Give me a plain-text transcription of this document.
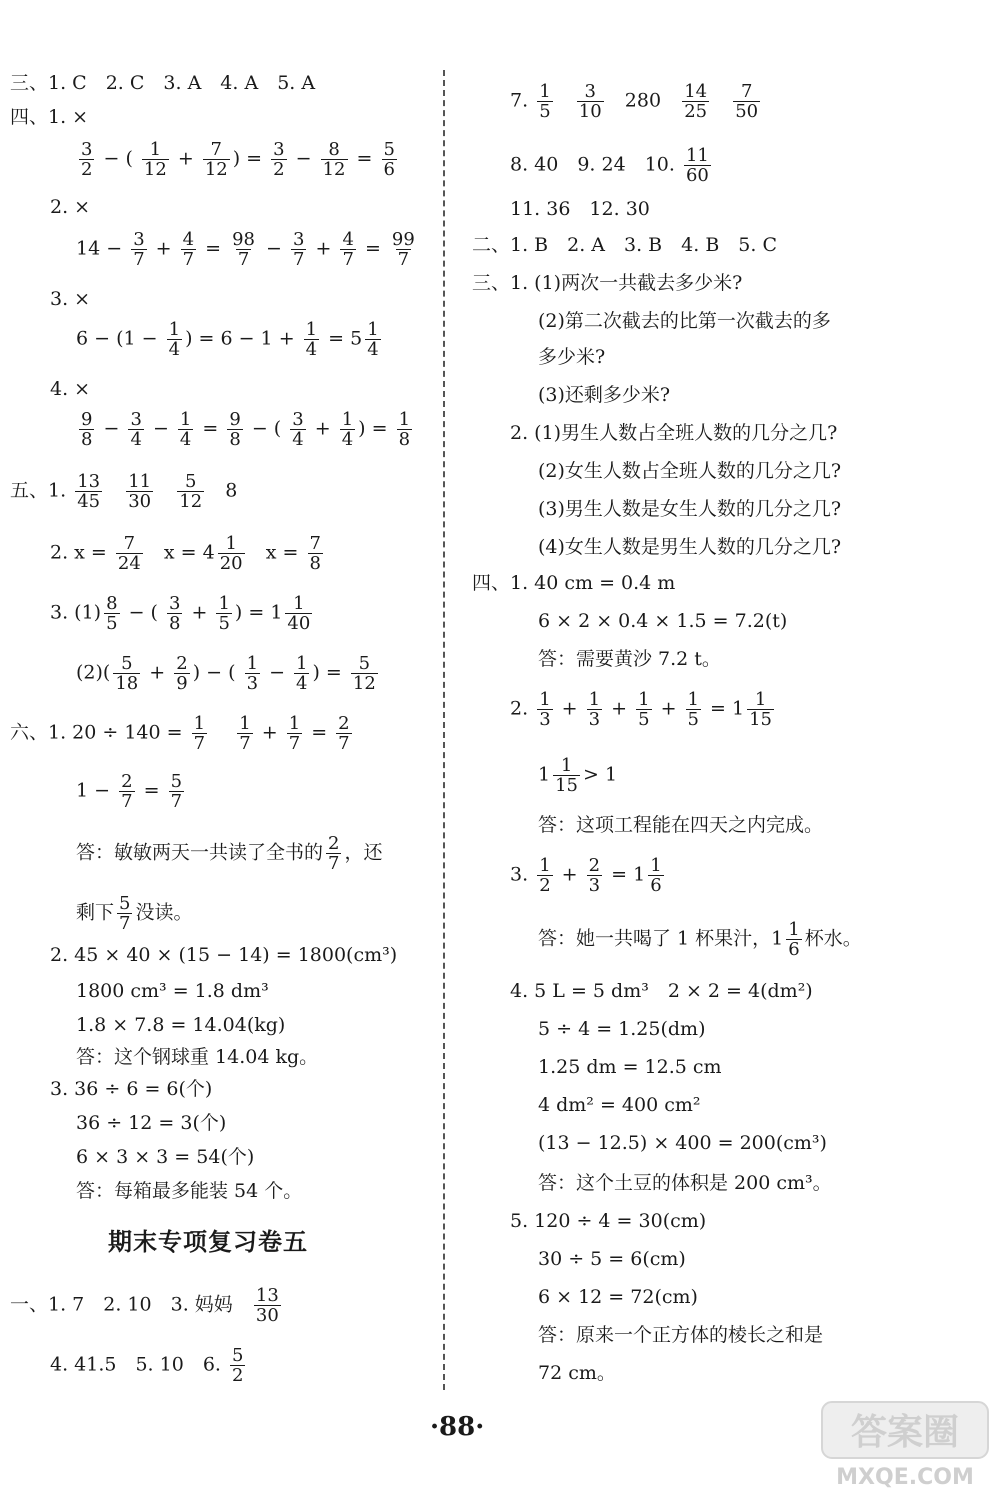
三、1. C　2. C　3. A　4. A　5. A
四、1. ×
$\frac{3}{2}$ − ( $\frac{1}{12} + \frac{7}{12}$ ) = $\frac{3}{2} - \frac{8}{12} = \frac{5}{6}$
2. ×
$14 - \frac{3}{7} + \frac{4}{7} = \frac{98}{7} - \frac{3}{7} + \frac{4}{7} = \frac{99}{7}$
3. ×
$6 - (1 - \frac{1}{4}$ ) = $6 - 1 + \frac{1}{4} = 5 \frac{1}{4}$
4. ×
$\frac{9}{8} - \frac{3}{4} - \frac{1}{4} = \frac{9}{8}$ − ( $\frac{3}{4} + \frac{1}{4}$ ) = $\frac{1}{8}$
五、1. $\frac{13}{45}$
$\frac{11}{30}$
$\frac{5}{12} 8$
2. $x = \frac{7}{24}$ $x = 4 \frac{1}{20}$ $x = \frac{7}{8}$
3. $(1) \frac{8}{5}$ − ( $\frac{3}{8} + \frac{1}{5}$ ) = $1 \frac{1}{40}$
$(2)( \frac{5}{18} + \frac{2}{9}$ ) − ( $\frac{1}{3} - \frac{1}{4}$ ) = $\frac{5}{12}$
六、1. $20 \div 140 = \frac{1}{7}$
$\frac{1}{7} + \frac{1}{7} = \frac{2}{7}$
$1 - \frac{2}{7} = \frac{5}{7}$
答：敏敏两天一共读了全书的 $\frac{2}{7}$ ，还
剩下 $\frac{5}{7}$ 没读。
2. 45 × 40 × (15 − 14) = 1800(cm³)
1800 cm³ = 1.8 dm³
1.8 × 7.8 = 14.04(kg)
答：这个钢球重 14.04 kg。
3. 36 ÷ 6 = 6(个)
36 ÷ 12 = 3(个)
6 × 3 × 3 = 54(个)
答：每箱最多能装 54 个。
期末专项复习卷五
一、1. 7　2. 10　3. 妈妈 $\frac{13}{30}$
4. 41.5　5. 10　6. $\frac{5}{2}$
7. $\frac{1}{5}$
$\frac{3}{10} 280 \frac{14}{25}$
$\frac{7}{50}$
8. 40　9. 24　10. $\frac{11}{60}$
11. 36　12. 30
二、1. B　2. A　3. B　4. B　5. C
三、1. (1)两次一共截去多少米?
(2)第二次截去的比第一次截去的多
多少米?
(3)还剩多少米?
2. (1)男生人数占全班人数的几分之几?
(2)女生人数占全班人数的几分之几?
(3)男生人数是女生人数的几分之几?
(4)女生人数是男生人数的几分之几?
四、1. 40 cm = 0.4 m
6 × 2 × 0.4 × 1.5 = 7.2(t)
答：需要黄沙 7.2 t。
2. $\frac{1}{3} + \frac{1}{3} + \frac{1}{5} + \frac{1}{5} = 1 \frac{1}{15}$
$1 \frac{1}{15} > 1$
答：这项工程能在四天之内完成。
3. $\frac{1}{2} + \frac{2}{3} = 1 \frac{1}{6}$
答：她一共喝了 1 杯果汁，$1 \frac{1}{6}$ 杯水。
4. 5 L = 5 dm³　2 × 2 = 4(dm²)
5 ÷ 4 = 1.25(dm)
1.25 dm = 12.5 cm
4 dm² = 400 cm²
(13 − 12.5) × 400 = 200(cm³)
答：这个土豆的体积是 200 cm³。
5. 120 ÷ 4 = 30(cm)
30 ÷ 5 = 6(cm)
6 × 12 = 72(cm)
答：原来一个正方体的棱长之和是
72 cm。
·88·	答案圈
MXQE.COM
